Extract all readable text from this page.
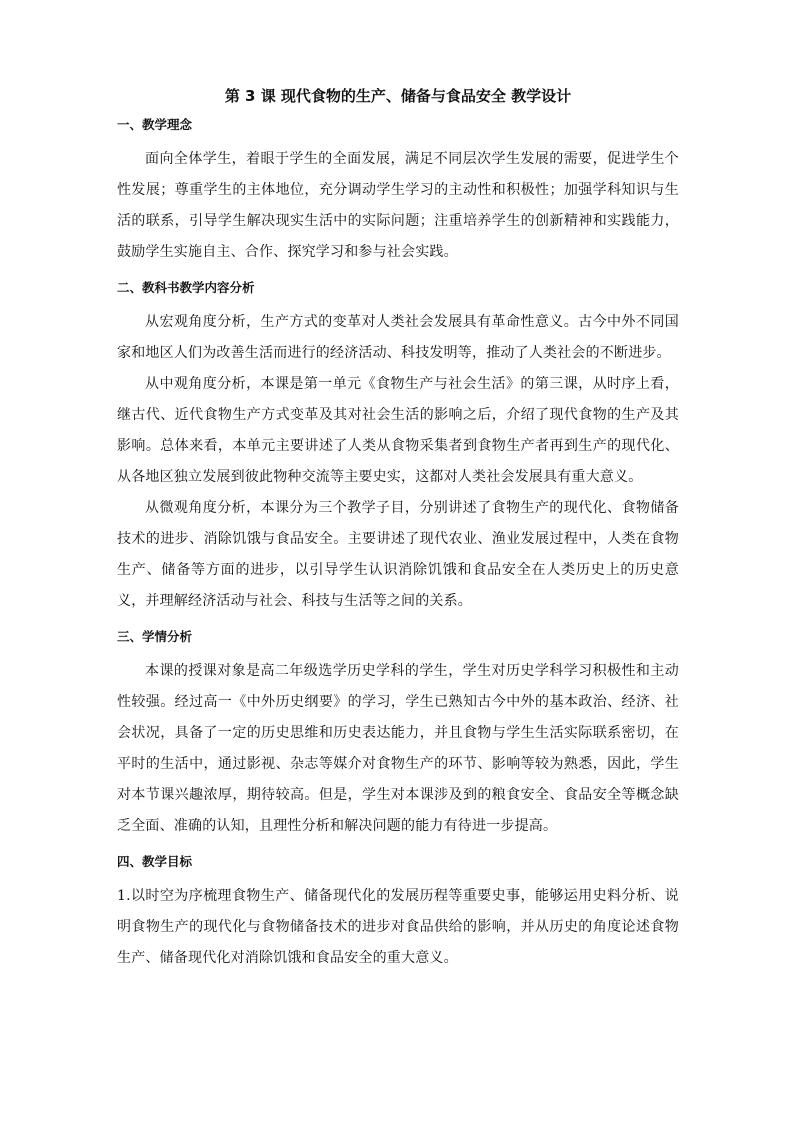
第 3 课 现代食物的生产、储备与食品安全 教学设计
一、教学理念

面向全体学生，着眼于学生的全面发展，满足不同层次学生发展的需要，促进学生个性发展；尊重学生的主体地位，充分调动学生学习的主动性和积极性；加强学科知识与生活的联系，引导学生解决现实生活中的实际问题；注重培养学生的创新精神和实践能力，鼓励学生实施自主、合作、探究学习和参与社会实践。

二、教科书教学内容分析

从宏观角度分析，生产方式的变革对人类社会发展具有革命性意义。古今中外不同国家和地区人们为改善生活而进行的经济活动、科技发明等，推动了人类社会的不断进步。

从中观角度分析，本课是第一单元《食物生产与社会生活》的第三课，从时序上看，继古代、近代食物生产方式变革及其对社会生活的影响之后，介绍了现代食物的生产及其影响。总体来看，本单元主要讲述了人类从食物采集者到食物生产者再到生产的现代化、从各地区独立发展到彼此物种交流等主要史实，这都对人类社会发展具有重大意义。

从微观角度分析，本课分为三个教学子目，分别讲述了食物生产的现代化、食物储备技术的进步、消除饥饿与食品安全。主要讲述了现代农业、渔业发展过程中，人类在食物生产、储备等方面的进步，以引导学生认识消除饥饿和食品安全在人类历史上的历史意义，并理解经济活动与社会、科技与生活等之间的关系。

三、学情分析

本课的授课对象是高二年级选学历史学科的学生，学生对历史学科学习积极性和主动性较强。经过高一《中外历史纲要》的学习，学生已熟知古今中外的基本政治、经济、社会状况，具备了一定的历史思维和历史表达能力，并且食物与学生生活实际联系密切，在平时的生活中，通过影视、杂志等媒介对食物生产的环节、影响等较为熟悉，因此，学生对本节课兴趣浓厚，期待较高。但是，学生对本课涉及到的粮食安全、食品安全等概念缺乏全面、准确的认知，且理性分析和解决问题的能力有待进一步提高。

四、教学目标

1.以时空为序梳理食物生产、储备现代化的发展历程等重要史事，能够运用史料分析、说明食物生产的现代化与食物储备技术的进步对食品供给的影响，并从历史的角度论述食物生产、储备现代化对消除饥饿和食品安全的重大意义。
